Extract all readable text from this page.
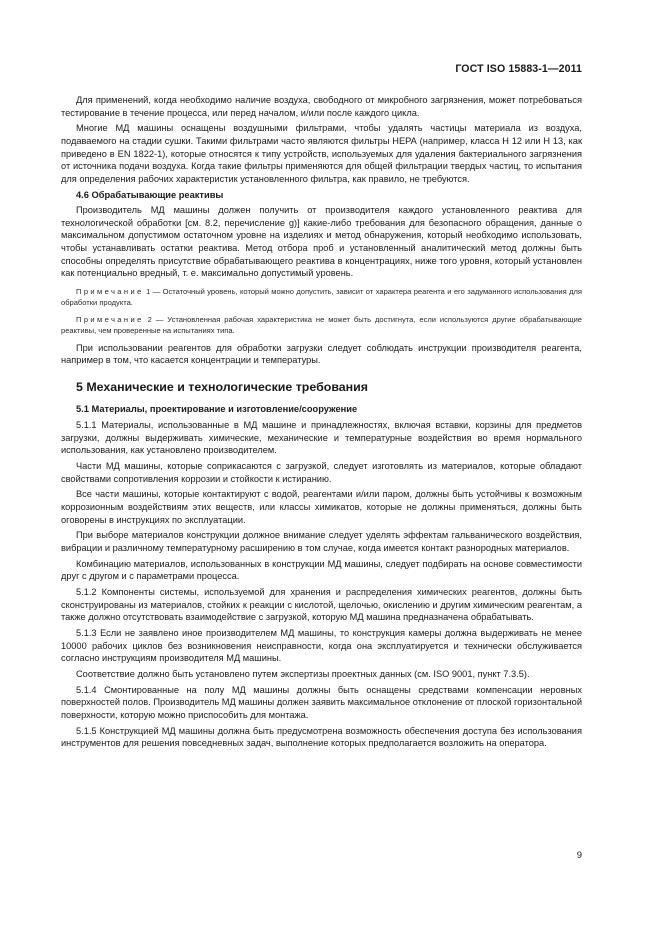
ГОСТ ISO 15883-1—2011

Для применений, когда необходимо наличие воздуха, свободного от микробного загрязнения, может потребоваться тестирование в течение процесса, или перед началом, и/или после каждого цикла.

Многие МД машины оснащены воздушными фильтрами, чтобы удалять частицы материала из воздуха, подаваемого на стадии сушки. Такими фильтрами часто являются фильтры НЕРА (например, класса Н 12 или Н 13, как приведено в EN 1822-1), которые относятся к типу устройств, используемых для удаления бактериального загрязнения от источника подачи воздуха. Когда такие фильтры применяются для общей фильтрации твердых частиц, то испытания для определения рабочих характеристик установленного фильтра, как правило, не требуются.

4.6 Обрабатывающие реактивы

Производитель МД машины должен получить от производителя каждого установленного реактива для технологической обработки [см. 8.2, перечисление g)] какие-либо требования для безопасного обращения, данные о максимальном допустимом остаточном уровне на изделиях и метод обнаружения, который необходимо использовать, чтобы устанавливать остатки реактива. Метод отбора проб и установленный аналитический метод должны быть способны определять присутствие обрабатывающего реактива в концентрациях, ниже того уровня, который установлен как потенциально вредный, т. е. максимально допустимый уровень.

Примечание 1 — Остаточный уровень, который можно допустить, зависит от характера реагента и его задуманного использования для обработки продукта.

Примечание 2 — Установленная рабочая характеристика не может быть достигнута, если используются другие обрабатывающие реактивы, чем проверенные на испытаниях типа.

При использовании реагентов для обработки загрузки следует соблюдать инструкции производителя реагента, например в том, что касается концентрации и температуры.

5 Механические и технологические требования
5.1 Материалы, проектирование и изготовление/сооружение

5.1.1 Материалы, использованные в МД машине и принадлежностях, включая вставки, корзины для предметов загрузки, должны выдерживать химические, механические и температурные воздействия во время нормального использования, как установлено производителем.

Части МД машины, которые соприкасаются с загрузкой, следует изготовлять из материалов, которые обладают свойствами сопротивления коррозии и стойкости к истиранию.

Все части машины, которые контактируют с водой, реагентами и/или паром, должны быть устойчивы к возможным коррозионным воздействиям этих веществ, или классы химикатов, которые не должны применяться, должны быть оговорены в инструкциях по эксплуатации.

При выборе материалов конструкции должное внимание следует уделять эффектам гальванического воздействия, вибрации и различному температурному расширению в том случае, когда имеется контакт разнородных материалов.

Комбинацию материалов, использованных в конструкции МД машины, следует подбирать на основе совместимости друг с другом и с параметрами процесса.

5.1.2 Компоненты системы, используемой для хранения и распределения химических реагентов, должны быть сконструированы из материалов, стойких к реакции с кислотой, щелочью, окислению и другим химическим реагентам, а также должно отсутствовать взаимодействие с загрузкой, которую МД машина предназначена обрабатывать.

5.1.3 Если не заявлено иное производителем МД машины, то конструкция камеры должна выдерживать не менее 10000 рабочих циклов без возникновения неисправности, когда она эксплуатируется и технически обслуживается согласно инструкциям производителя МД машины.

Соответствие должно быть установлено путем экспертизы проектных данных (см. ISO 9001, пункт 7.3.5).

5.1.4 Смонтированные на полу МД машины должны быть оснащены средствами компенсации неровных поверхностей полов. Производитель МД машины должен заявить максимальное отклонение от плоской горизонтальной поверхности, которую можно приспособить для монтажа.

5.1.5 Конструкцией МД машины должна быть предусмотрена возможность обеспечения доступа без использования инструментов для решения повседневных задач, выполнение которых предполагается возложить на оператора.

9
